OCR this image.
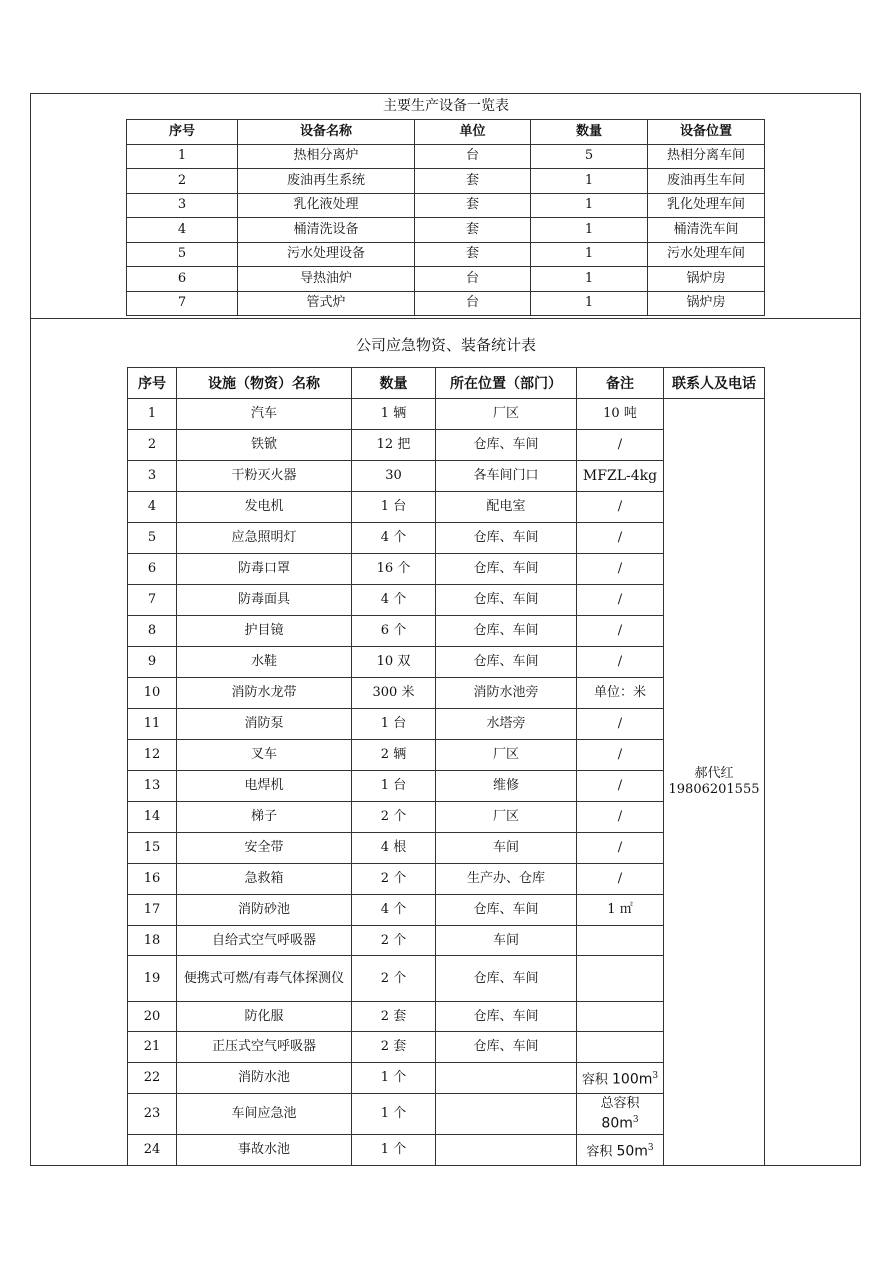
主要生产设备一览表
序号	设备名称	单位	数量	设备位置
1	热相分离炉	台	5	热相分离车间
2	废油再生系统	套	1	废油再生车间
3	乳化液处理	套	1	乳化处理车间
4	桶清洗设备	套	1	桶清洗车间
5	污水处理设备	套	1	污水处理车间
6	导热油炉	台	1	锅炉房
7	管式炉	台	1	锅炉房
公司应急物资、装备统计表
序号	设施（物资）名称	数量	所在位置（部门）	备注	联系人及电话
1	汽车	1 辆	厂区	10 吨	郝代红
19806201555

2	铁锨	12 把	仓库、车间	/	
3	干粉灭火器	30	各车间门口	MFZL-4kg	
4	发电机	1 台	配电室	/	
5	应急照明灯	4 个	仓库、车间	/	
6	防毒口罩	16 个	仓库、车间	/	
7	防毒面具	4 个	仓库、车间	/	
8	护目镜	6 个	仓库、车间	/	
9	水鞋	10 双	仓库、车间	/	
10	消防水龙带	300 米	消防水池旁	单位：米	
11	消防泵	1 台	水塔旁	/	
12	叉车	2 辆	厂区	/	
13	电焊机	1 台	维修	/	
14	梯子	2 个	厂区	/	
15	安全带	4 根	车间	/	
16	急救箱	2 个	生产办、仓库	/	
17	消防砂池	4 个	仓库、车间	1 ㎡	
18	自给式空气呼吸器	2 个	车间		
19	便携式可燃/有毒气体探测仪	2 个	仓库、车间		
20	防化服	2 套	仓库、车间		
21	正压式空气呼吸器	2 套	仓库、车间		
22	消防水池	1 个		容积 $100m^3$
23	车间应急池	1 个		总容积
$80m^3$

24	事故水池	1 个		容积 $50m^3$
